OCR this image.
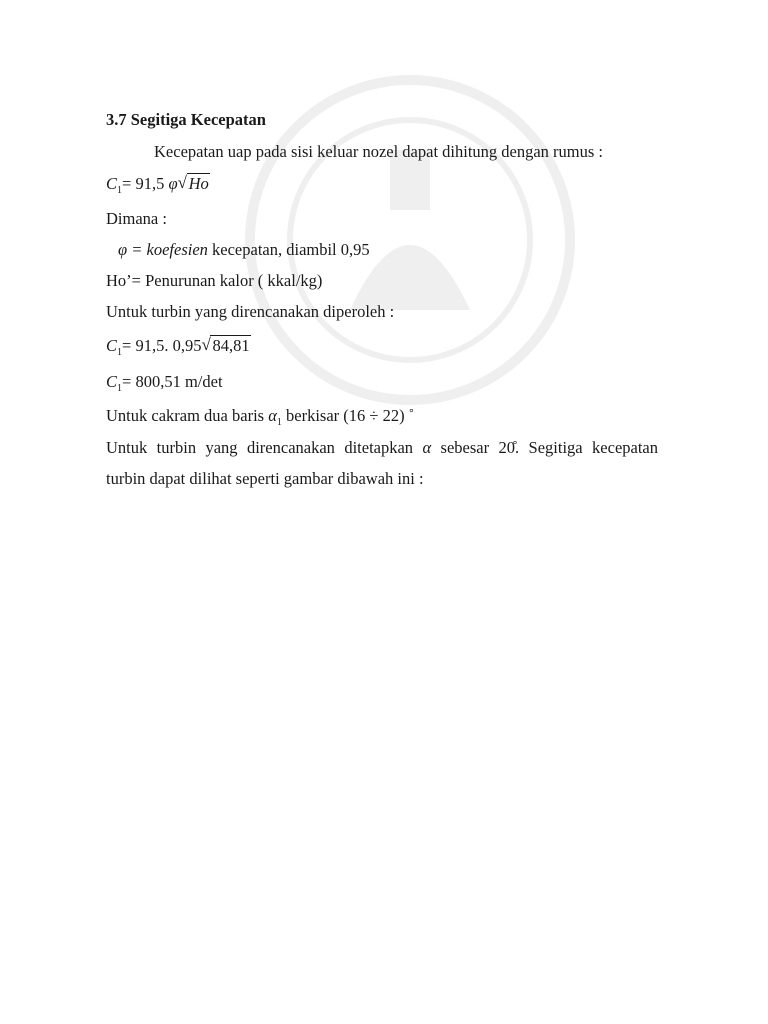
3.7 Segitiga Kecepatan
Kecepatan uap pada sisi keluar nozel dapat dihitung dengan rumus :
$C_1= 91,5$ φ √ Ho
Dimana :
φ = koefesien kecepatan, diambil 0,95
Ho’= Penurunan kalor ( kkal/kg)
Untuk turbin yang direncanakan diperoleh :
$C_1= 91,5$. 0,95 √ 84,81
$C_1= 800,51$ m/det
Untuk cakram dua baris $\alpha_1$ berkisar (16 ÷ 22) ˚
Untuk turbin yang direncanakan ditetapkan α sebesar 20̊. Segitiga kecepatan
turbin dapat dilihat seperti gambar dibawah ini :
